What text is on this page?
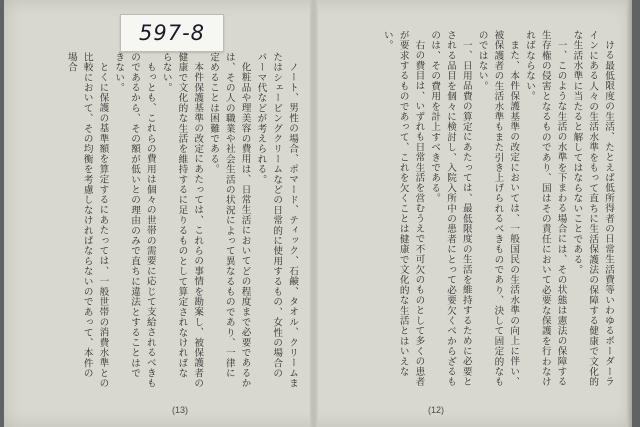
597-8

ノート、男性の場合、ポマード、ティック、石鹸、タオル、クリームまたはシェービングクリームなどの日常的に使用するもの、女性の場合のパーマ代などが考えられる。

化粧品や理美容の費用は、日常生活においてどの程度まで必要であるかは、その人の職業や社会生活の状況によって異なるものであり、一律に定めることは困難である。

本件保護基準の改定にあたっては、これらの事情を勘案し、被保護者の健康で文化的な生活を維持するに足りるものとして算定されなければならない。

もっとも、これらの費用は個々の世帯の需要に応じて支給されるべきものであるから、その額が低いとの理由のみで直ちに違法とすることはできない。

とくに保護の基準額を算定するにあたっては、一般世帯の消費水準との比較において、その均衡を考慮しなければならないのであって、本件の場合

(13)

ける最低限度の生活、たとえば低所得者の日常生活費等いわゆるボーダーラインにある人々の生活水準をもって直ちに生活保護法の保障する健康で文化的な生活水準に当たると解してはならないことである。

一、このような生活の水準を下まわる場合には、その状態は憲法の保障する生存権の侵害となるものであり、国はその責任において必要な保護を行わなければならない。

また、本件保護基準の改定においては、一般国民の生活水準の向上に伴い、被保護者の生活水準もまた引き上げられるべきものであり、決して固定的なものではない。

一、日用品費の算定にあたっては、最低限度の生活を維持するために必要とされる品目を個々に検討し、入院入所中の患者にとって必要欠くべからざるものは、その費用を計上すべきである。

右の費目は、いずれも日常生活を営むうえで不可欠のものとして多くの患者が要求するものであって、これを欠くことは健康で文化的な生活とはいえない。

(12)
